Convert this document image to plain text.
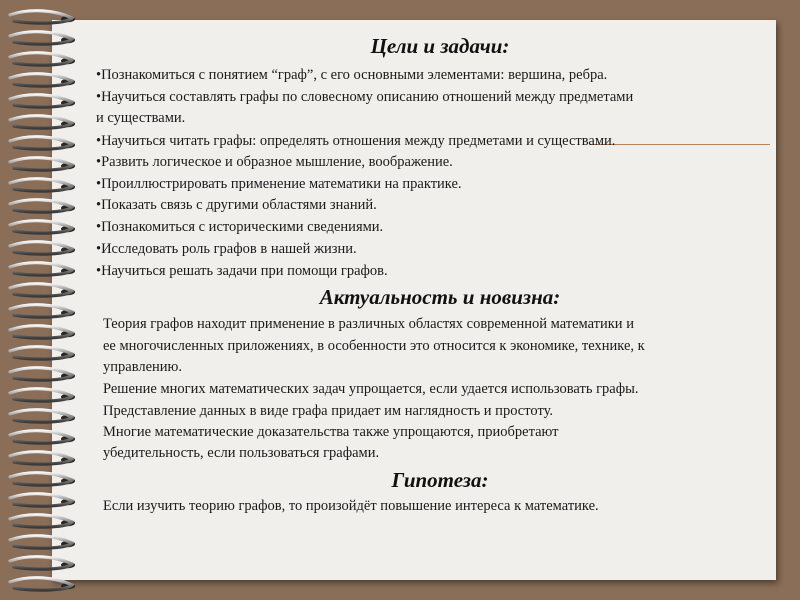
Цели и задачи:
•Познакомиться с понятием “граф”, с его основными элементами: вершина, ребра.
•Научиться составлять графы по словесному описанию отношений между предметами
и существами.
•Научиться читать графы: определять отношения между предметами и существами.
•Развить логическое и образное мышление, воображение.
•Проиллюстрировать применение математики на практике.
•Показать связь с другими областями знаний.
•Познакомиться с историческими сведениями.
•Исследовать роль графов в нашей жизни.
•Научиться решать задачи при помощи графов.
Актуальность и новизна:
Теория графов находит применение в различных областях современной математики и
ее многочисленных приложениях, в особенности это относится к экономике, технике, к
управлению.
Решение многих математических задач упрощается, если удается использовать графы.
Представление данных в виде графа придает им наглядность и простоту.
Многие математические доказательства также упрощаются, приобретают
убедительность, если пользоваться графами.
Гипотеза:
Если изучить теорию графов, то произойдёт повышение интереса к математике.
